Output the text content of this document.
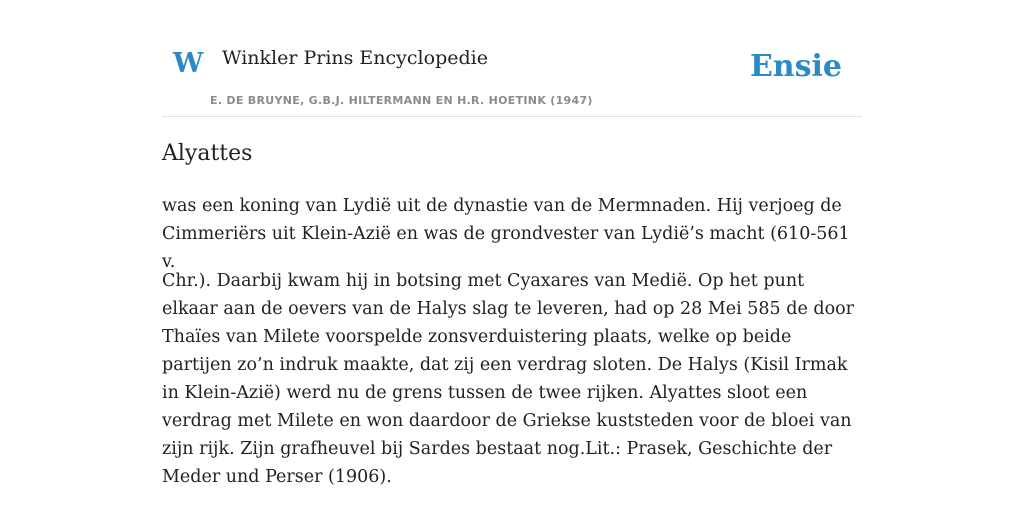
W Winkler Prins Encyclopedie
E. DE BRUYNE, G.B.J. HILTERMANN EN H.R. HOETINK (1947)
Ensie
Alyattes

was een koning van Lydië uit de dynastie van de Mermnaden. Hij verjoeg de Cimmeriërs uit Klein-Azië en was de grondvester van Lydië’s macht (610-561 v.

Chr.). Daarbij kwam hij in botsing met Cyaxares van Medië. Op het punt elkaar aan de oevers van de Halys slag te leveren, had op 28 Mei 585 de door Thaïes van Milete voorspelde zonsverduistering plaats, welke op beide partijen zo’n indruk maakte, dat zij een verdrag sloten. De Halys (Kisil Irmak in Klein-Azië) werd nu de grens tussen de twee rijken. Alyattes sloot een verdrag met Milete en won daardoor de Griekse kuststeden voor de bloei van zijn rijk. Zijn grafheuvel bij Sardes bestaat nog.Lit.: Prasek, Geschichte der Meder und Perser (1906).
